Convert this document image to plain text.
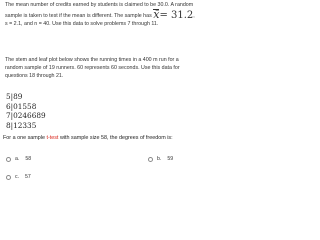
The mean number of credits earned by students is claimed to be 30.0. A random sample is taken to test if the mean is different. The sample has x̄= 31.2, s = 2.1, and n = 40. Use this data to solve problems 7 through 11.
The stem and leaf plot below shows the running times in a 400 m run for a random sample of 19 runners. 60 represents 60 seconds. Use this data for questions 18 through 21.
5|89
6|01558
7|0246689
8|12335
For a one sample t-test with sample size 58, the degrees of freedom is:
a. 58	b. 59
c. 57
